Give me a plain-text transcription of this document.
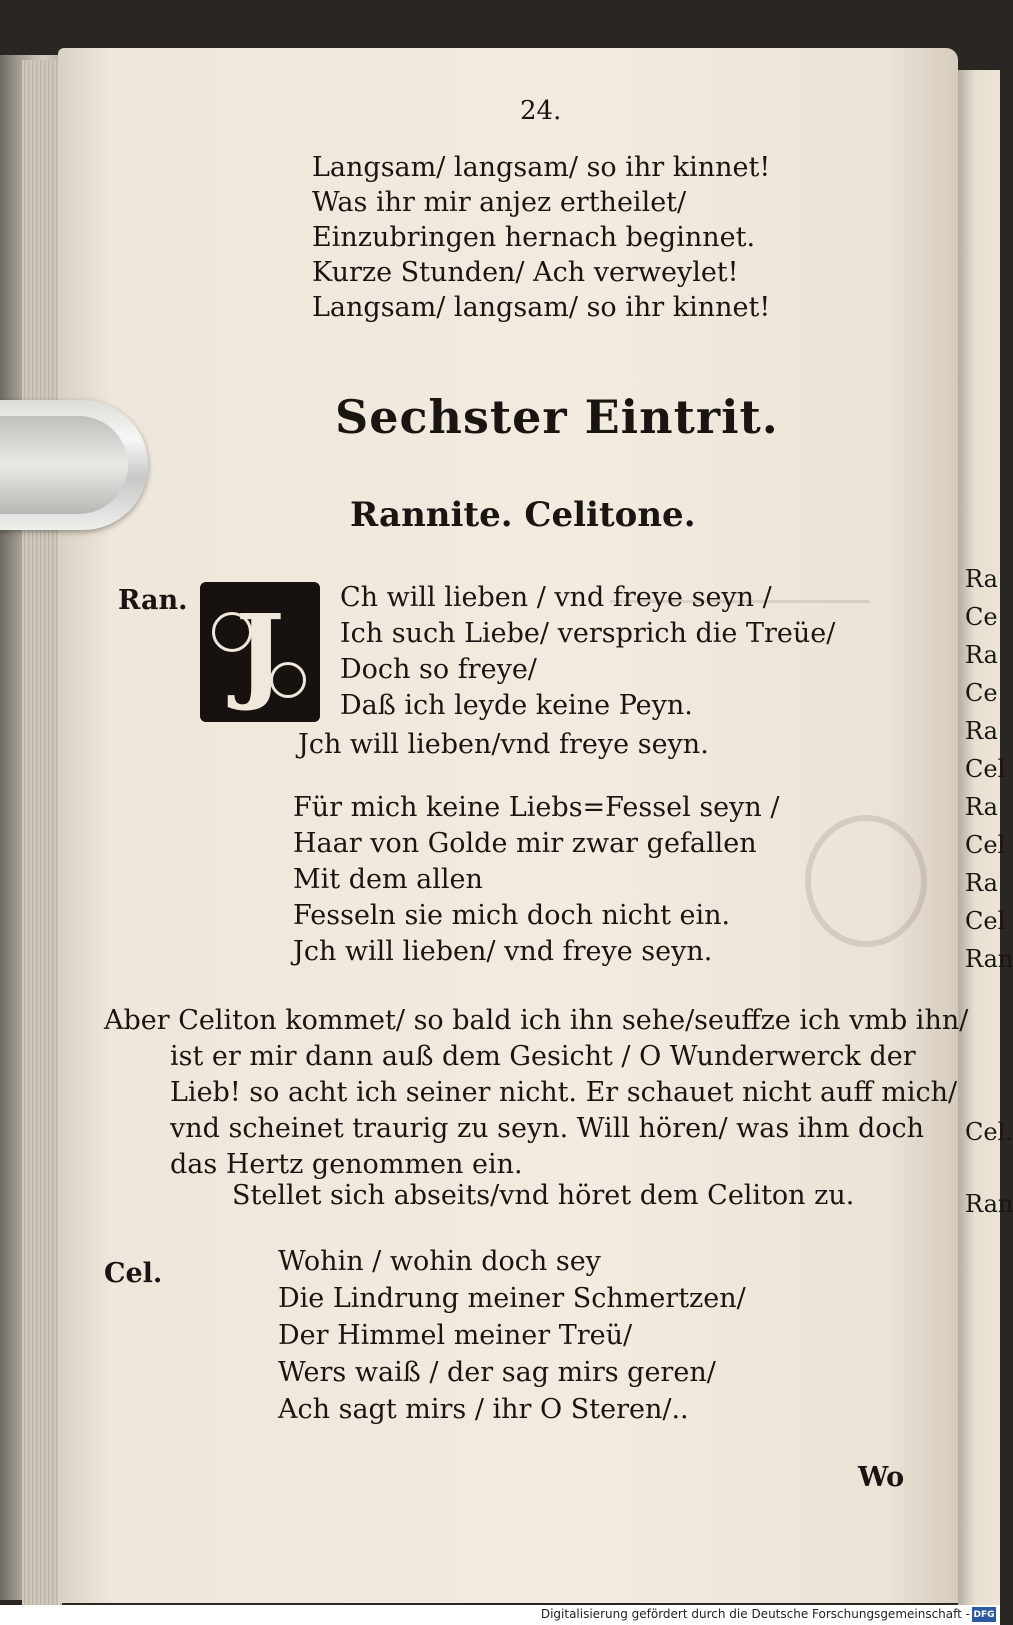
24.
Langsam/ langsam/ so ihr kinnet!
Was ihr mir anjez ertheilet/
Einzubringen hernach beginnet.
Kurze Stunden/ Ach verweylet!
Langsam/ langsam/ so ihr kinnet!
Sechster Eintrit.
Rannite. Celitone.
Ran. J	Ch will lieben / vnd freye seyn /
Ich such Liebe/ versprich die Treüe/
Doch so freye/
Daß ich leyde keine Peyn.
Jch will lieben/vnd freye seyn.
Für mich keine Liebs=Fessel seyn /
Haar von Golde mir zwar gefallen
Mit dem allen
Fesseln sie mich doch nicht ein.
Jch will lieben/ vnd freye seyn.
Aber Celiton kommet/ so bald ich ihn sehe/seuffze ich vmb ihn/
ist er mir dann auß dem Gesicht / O Wunderwerck der
Lieb! so acht ich seiner nicht. Er schauet nicht auff mich/
vnd scheinet traurig zu seyn. Will hören/ was ihm doch
das Hertz genommen ein.
Stellet sich abseits/vnd höret dem Celiton zu.
Cel.	Wohin / wohin doch sey
Die Lindrung meiner Schmertzen/
Der Himmel meiner Treü/
Wers waiß / der sag mirs geren/
Ach sagt mirs / ihr O Steren/..
Wo
Ra
Ce
Ra
Ce
Ra
Cel
Ra
Cel
Ra
Cel
Ran
Cel.
Ran
Digitalisierung gefördert durch die Deutsche Forschungsgemeinschaft - DFG
